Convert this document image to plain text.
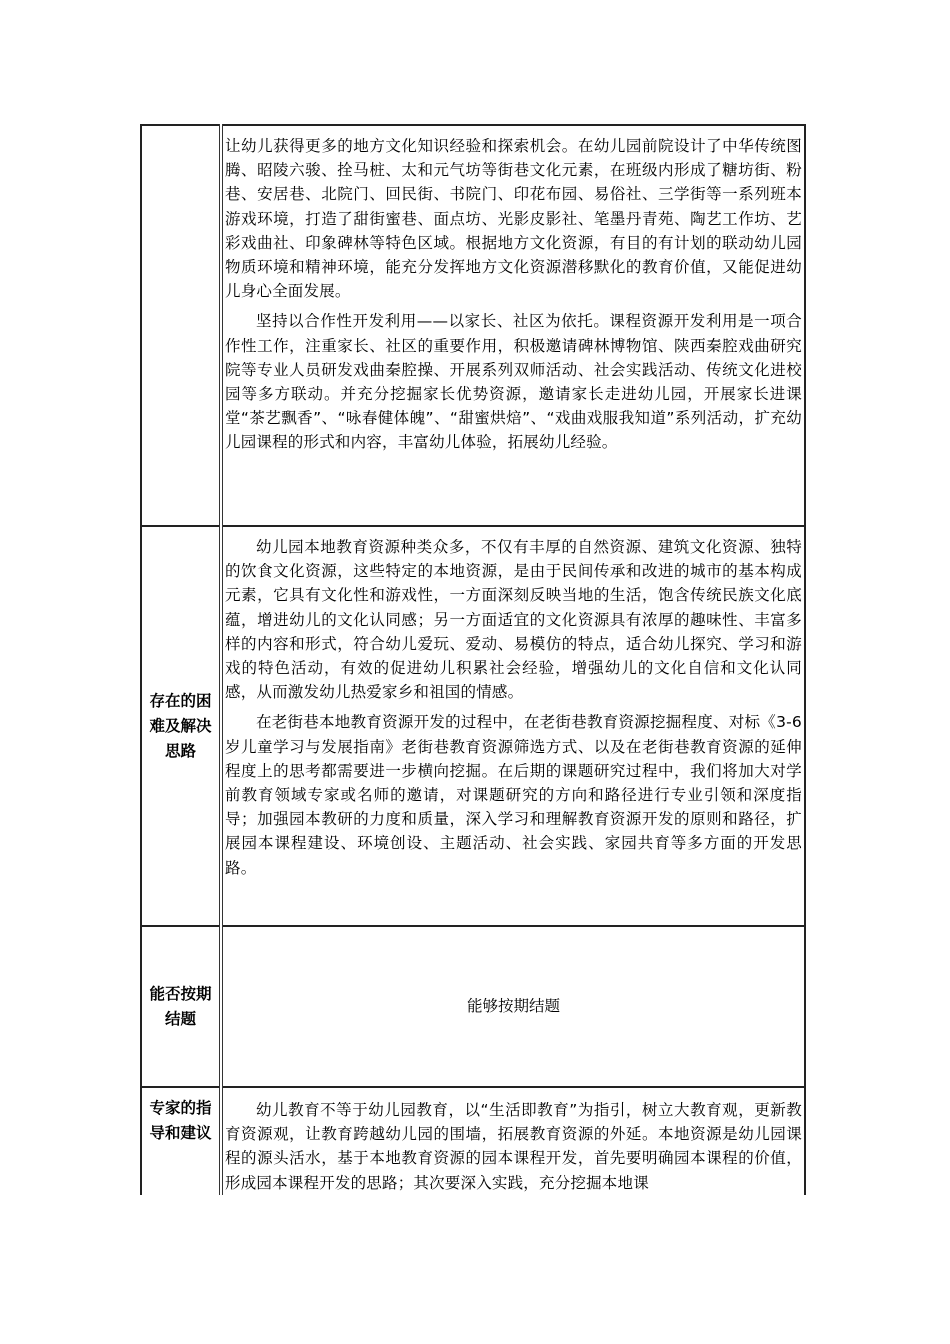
	让幼儿获得更多的地方文化知识经验和探索机会。在幼儿园前院设计了中华传统图腾、昭陵六骏、拴马桩、太和元气坊等街巷文化元素，在班级内形成了糖坊街、粉巷、安居巷、北院门、回民街、书院门、印花布园、易俗社、三学街等一系列班本游戏环境，打造了甜街蜜巷、面点坊、光影皮影社、笔墨丹青苑、陶艺工作坊、艺彩戏曲社、印象碑林等特色区域。根据地方文化资源，有目的有计划的联动幼儿园物质环境和精神环境，能充分发挥地方文化资源潜移默化的教育价值，又能促进幼儿身心全面发展。

坚持以合作性开发利用——以家长、社区为依托。课程资源开发利用是一项合作性工作，注重家长、社区的重要作用，积极邀请碑林博物馆、陕西秦腔戏曲研究院等专业人员研发戏曲秦腔操、开展系列双师活动、社会实践活动、传统文化进校园等多方联动。并充分挖掘家长优势资源，邀请家长走进幼儿园，开展家长进课堂“茶艺飘香”、“咏春健体魄”、“甜蜜烘焙”、“戏曲戏服我知道”系列活动，扩充幼儿园课程的形式和内容，丰富幼儿体验，拓展幼儿经验。

存在的困难及解决思路	幼儿园本地教育资源种类众多，不仅有丰厚的自然资源、建筑文化资源、独特的饮食文化资源，这些特定的本地资源，是由于民间传承和改进的城市的基本构成元素，它具有文化性和游戏性，一方面深刻反映当地的生活，饱含传统民族文化底蕴，增进幼儿的文化认同感；另一方面适宜的文化资源具有浓厚的趣味性、丰富多样的内容和形式，符合幼儿爱玩、爱动、易模仿的特点，适合幼儿探究、学习和游戏的特色活动，有效的促进幼儿积累社会经验，增强幼儿的文化自信和文化认同感，从而激发幼儿热爱家乡和祖国的情感。

在老街巷本地教育资源开发的过程中，在老街巷教育资源挖掘程度、对标《3-6岁儿童学习与发展指南》老街巷教育资源筛选方式、以及在老街巷教育资源的延伸程度上的思考都需要进一步横向挖掘。在后期的课题研究过程中，我们将加大对学前教育领域专家或名师的邀请，对课题研究的方向和路径进行专业引领和深度指导；加强园本教研的力度和质量，深入学习和理解教育资源开发的原则和路径，扩展园本课程建设、环境创设、主题活动、社会实践、家园共育等多方面的开发思路。

能否按期结题	能够按期结题

专家的指导和建议	幼儿教育不等于幼儿园教育，以“生活即教育”为指引，树立大教育观，更新教育资源观，让教育跨越幼儿园的围墙，拓展教育资源的外延。本地资源是幼儿园课程的源头活水，基于本地教育资源的园本课程开发，首先要明确园本课程的价值，形成园本课程开发的思路；其次要深入实践，充分挖掘本地课
